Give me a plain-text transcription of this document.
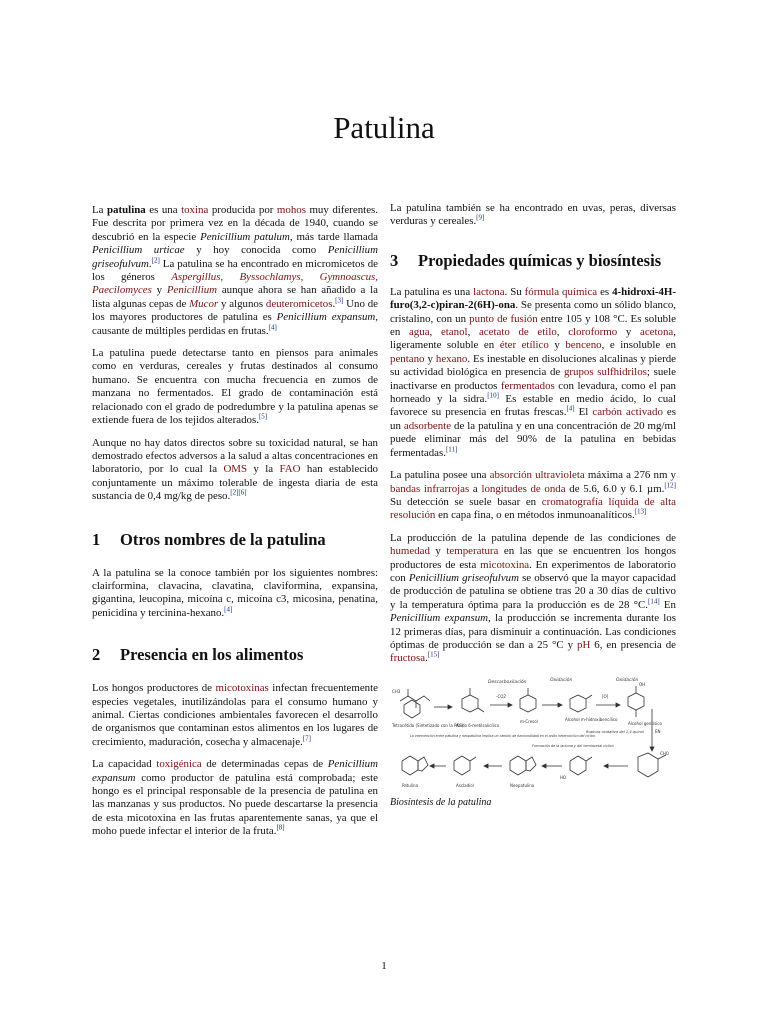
Patulina

La patulina es una toxina producida por mohos muy diferentes. Fue descrita por primera vez en la década de 1940, cuando se descubrió en la especie Penicillium patulum, más tarde llamada Penicillium urticae y hoy conocida como Penicillium griseofulvum.[2] La patulina se ha encontrado en micromicetos de los géneros Aspergillus, Byssochlamys, Gymnoascus, Paecilomyces y Penicillium aunque ahora se han añadido a la lista algunas cepas de Mucor y algunos deuteromicetos.[3] Uno de los mayores productores de patulina es Penicillium expansum, causante de múltiples perdidas en frutas.[4]

La patulina puede detectarse tanto en piensos para animales como en verduras, cereales y frutas destinados al consumo humano. Se encuentra con mucha frecuencia en zumos de manzana no fermentados. El grado de contaminación está relacionado con el grado de podredumbre y la patulina apenas se extiende fuera de los tejidos alterados.[5]

Aunque no hay datos directos sobre su toxicidad natural, se han demostrado efectos adversos a la salud a altas concentraciones en laboratorio, por lo cual la OMS y la FAO han establecido conjuntamente un máximo tolerable de ingesta diaria de esta sustancia de 0,4 mg/kg de peso.[2][6]

1	Otros nombres de la patulina

A la patulina se la conoce también por los siguientes nombres: clairformina, clavacina, clavatina, claviformina, expansina, gigantina, leucopina, micoína c, micoína c3, micosina, penatina, penicidina y tercinina-hexano.[4]

2	Presencia en los alimentos

Los hongos productores de micotoxinas infectan frecuentemente especies vegetales, inutilizándolas para el consumo humano y animal. Ciertas condiciones ambientales favorecen el desarrollo de organismos que contaminan estos alimentos en los lugares de crecimiento, maduración, cosecha y almacenaje.[7]

La capacidad toxigénica de determinadas cepas de Penicillium expansum como productor de patulina está comprobada; este hongo es el principal responsable de la presencia de patulina en las manzanas y sus productos. No puede descartarse la presencia de esta micotoxina en las frutas aparentemente sanas, ya que el moho puede infectar el interior de la fruta.[8]

La patulina también se ha encontrado en uvas, peras, diversas verduras y cereales.[9]

3	Propiedades químicas y biosíntesis

La patulina es una lactona. Su fórmula química es 4-hidroxi-4H-furo(3,2-c)piran-2(6H)-ona. Se presenta como un sólido blanco, cristalino, con un punto de fusión entre 105 y 108 °C. Es soluble en agua, etanol, acetato de etilo, cloroformo y acetona, ligeramente soluble en éter etílico y benceno, e insoluble en pentano y hexano. Es inestable en disoluciones alcalinas y pierde su actividad biológica en presencia de grupos sulfhidrilos; suele inactivarse en productos fermentados con levadura, como el pan horneado y la sidra.[10] Es estable en medio ácido, lo cual favorece su presencia en frutas frescas.[4] El carbón activado es un adsorbente de la patulina y en una concentración de 20 mg/ml puede eliminar más del 90% de la patulina en bebidas fermentadas.[11]

La patulina posee una absorción ultravioleta máxima a 276 nm y bandas infrarrojas a longitudes de onda de 5.6, 6.0 y 6.1 µm.[12] Su detección se suele basar en cromatografía líquida de alta resolución en capa fina, o en métodos inmunoanalíticos.[13]

La producción de la patulina depende de las condiciones de humedad y temperatura en las que se encuentren los hongos productores de esta micotoxina. En experimentos de laboratorio con Penicillium griseofulvum se observó que la mayor capacidad de producción de patulina se obtiene tras 20 a 30 días de cultivo y la temperatura óptima para la producción es de 28 °C.[14] En Penicillium expansum, la producción se incrementa durante los 12 primeras días, para disminuir a continuación. Las condiciones óptimas de producción se dan a 25 °C y pH 6, en presencia de fructosa.[15]

Descarboxilación	Oxidación	Oxidación
Tetracétido (Sintetizado con la PKS)
Ácido 6-metilsalicílico
-CO2
m-Cresol	Alcohol m-hidroxibencílico
[O]
OH
Alcohol gentísico
EN
Ruptura oxidativa del 1,4-quinol
La intervención entre patulina y neopatulina implica un cambio de funcionalidad en el anillo heterocíclico del cíclico
Formación de la lactona y del hemiacetal cíclico
Patulina	Ascladiol	Neopatulina
CHO
HO
CH3
Biosíntesis de la patulina
1
